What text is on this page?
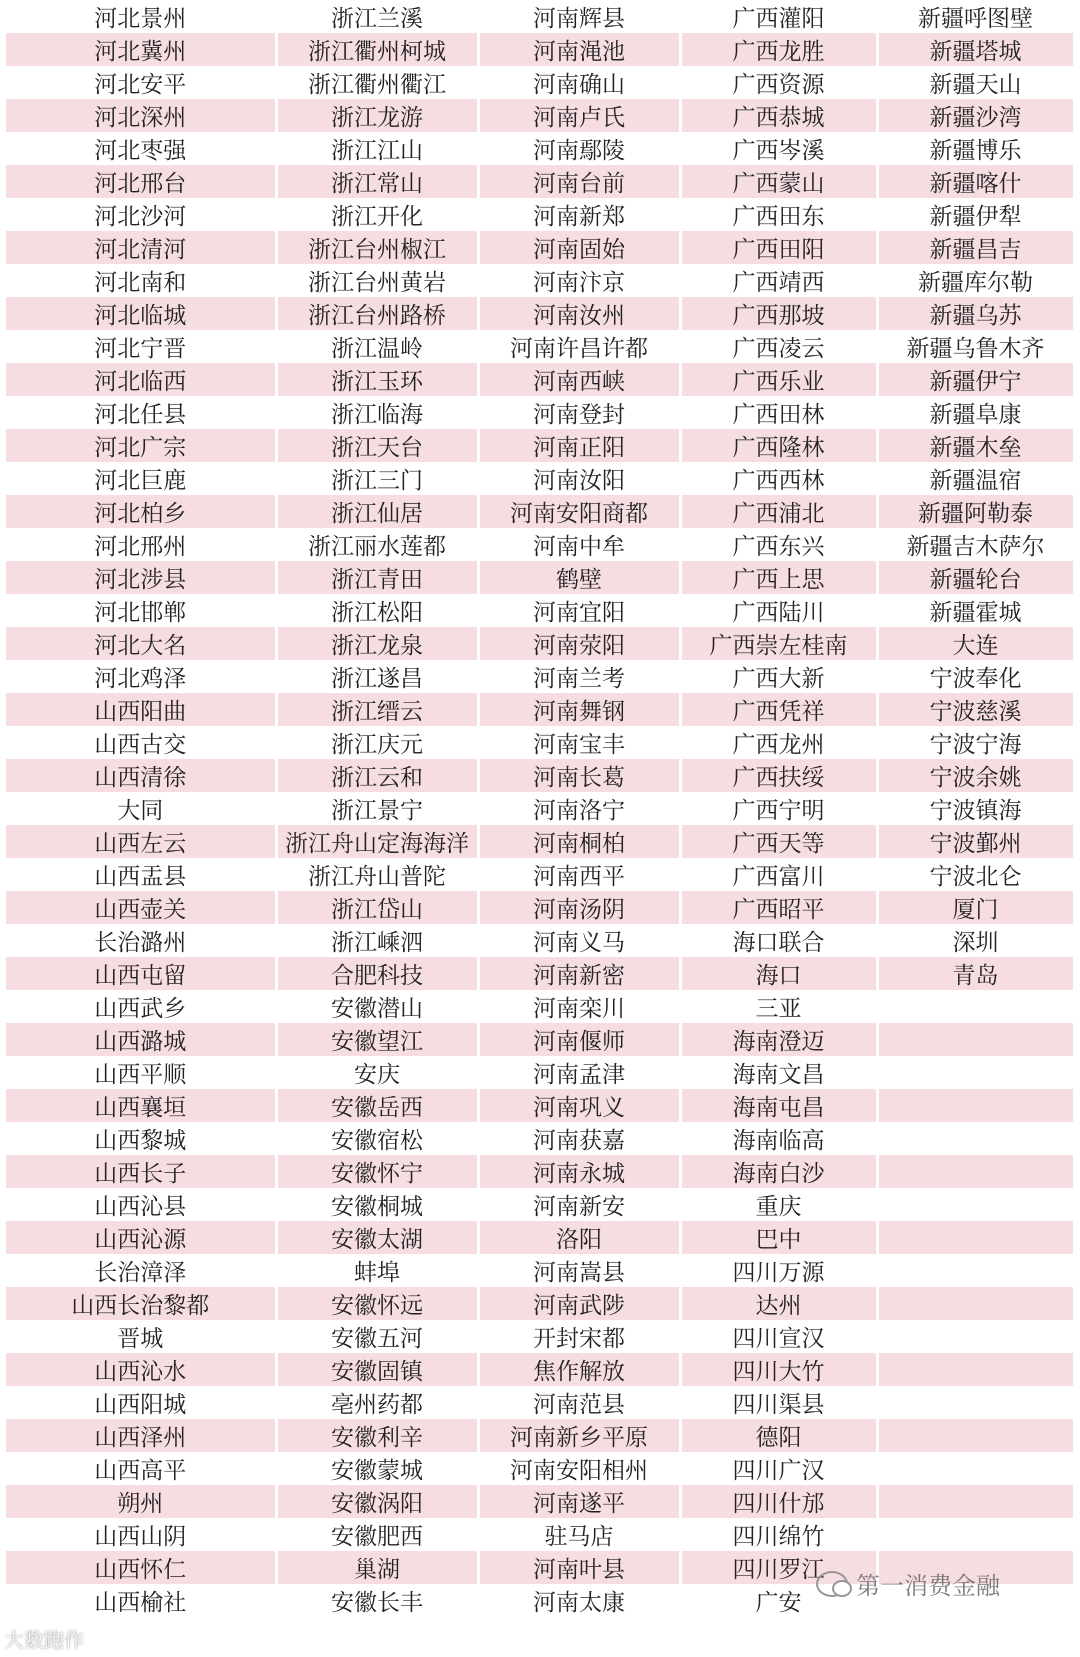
河北景州	浙江兰溪	河南辉县	广西灌阳	新疆呼图壁
河北冀州	浙江衢州柯城	河南渑池	广西龙胜	新疆塔城
河北安平	浙江衢州衢江	河南确山	广西资源	新疆天山
河北深州	浙江龙游	河南卢氏	广西恭城	新疆沙湾
河北枣强	浙江江山	河南鄢陵	广西岑溪	新疆博乐
河北邢台	浙江常山	河南台前	广西蒙山	新疆喀什
河北沙河	浙江开化	河南新郑	广西田东	新疆伊犁
河北清河	浙江台州椒江	河南固始	广西田阳	新疆昌吉
河北南和	浙江台州黄岩	河南汴京	广西靖西	新疆库尔勒
河北临城	浙江台州路桥	河南汝州	广西那坡	新疆乌苏
河北宁晋	浙江温岭	河南许昌许都	广西凌云	新疆乌鲁木齐
河北临西	浙江玉环	河南西峡	广西乐业	新疆伊宁
河北任县	浙江临海	河南登封	广西田林	新疆阜康
河北广宗	浙江天台	河南正阳	广西隆林	新疆木垒
河北巨鹿	浙江三门	河南汝阳	广西西林	新疆温宿
河北柏乡	浙江仙居	河南安阳商都	广西浦北	新疆阿勒泰
河北邢州	浙江丽水莲都	河南中牟	广西东兴	新疆吉木萨尔
河北涉县	浙江青田	鹤壁	广西上思	新疆轮台
河北邯郸	浙江松阳	河南宜阳	广西陆川	新疆霍城
河北大名	浙江龙泉	河南荥阳	广西崇左桂南	大连
河北鸡泽	浙江遂昌	河南兰考	广西大新	宁波奉化
山西阳曲	浙江缙云	河南舞钢	广西凭祥	宁波慈溪
山西古交	浙江庆元	河南宝丰	广西龙州	宁波宁海
山西清徐	浙江云和	河南长葛	广西扶绥	宁波余姚
大同	浙江景宁	河南洛宁	广西宁明	宁波镇海
山西左云	浙江舟山定海海洋	河南桐柏	广西天等	宁波鄞州
山西盂县	浙江舟山普陀	河南西平	广西富川	宁波北仑
山西壶关	浙江岱山	河南汤阴	广西昭平	厦门
长治潞州	浙江嵊泗	河南义马	海口联合	深圳
山西屯留	合肥科技	河南新密	海口	青岛
山西武乡	安徽潜山	河南栾川	三亚	
山西潞城	安徽望江	河南偃师	海南澄迈	
山西平顺	安庆	河南孟津	海南文昌	
山西襄垣	安徽岳西	河南巩义	海南屯昌	
山西黎城	安徽宿松	河南获嘉	海南临高	
山西长子	安徽怀宁	河南永城	海南白沙	
山西沁县	安徽桐城	河南新安	重庆	
山西沁源	安徽太湖	洛阳	巴中	
长治漳泽	蚌埠	河南嵩县	四川万源	
山西长治黎都	安徽怀远	河南武陟	达州	
晋城	安徽五河	开封宋都	四川宣汉	
山西沁水	安徽固镇	焦作解放	四川大竹	
山西阳城	亳州药都	河南范县	四川渠县	
山西泽州	安徽利辛	河南新乡平原	德阳	
山西高平	安徽蒙城	河南安阳相州	四川广汉	
朔州	安徽涡阳	河南遂平	四川什邡	
山西山阴	安徽肥西	驻马店	四川绵竹	
山西怀仁	巢湖	河南叶县	四川罗江	
山西榆社	安徽长丰	河南太康	广安	
第一消费金融
大数跑作
